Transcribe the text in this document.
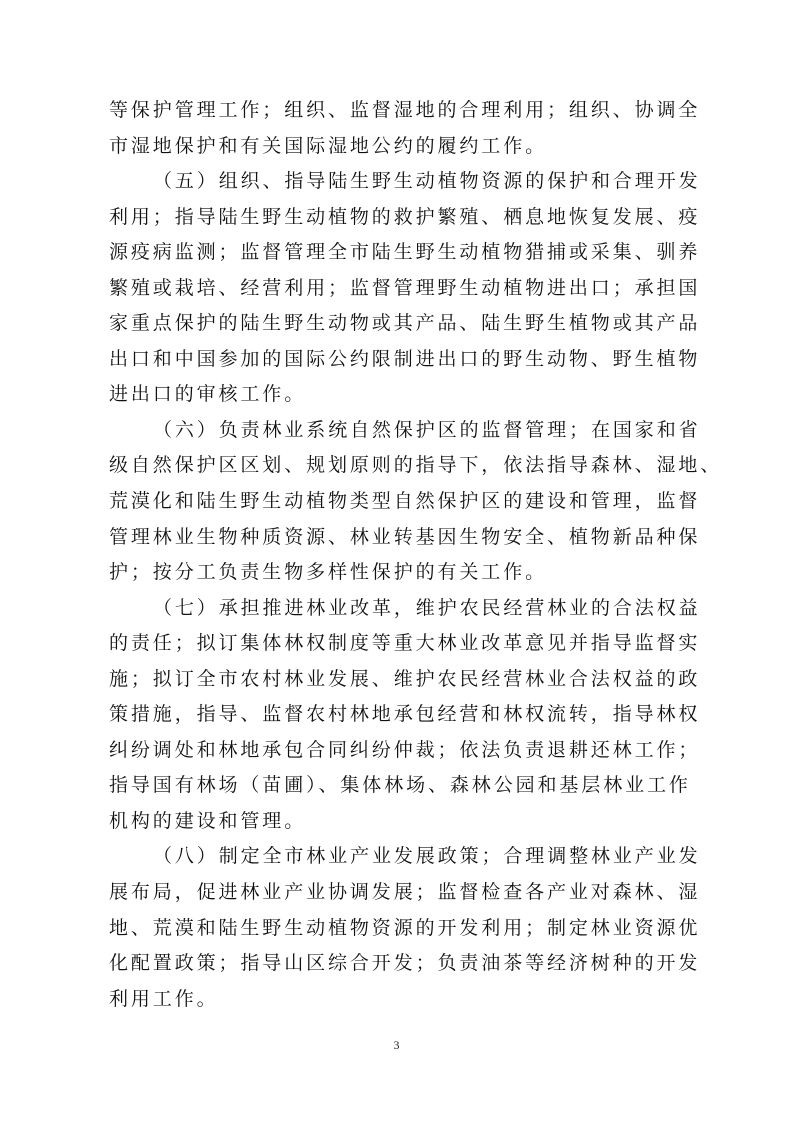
等保护管理工作；组织、监督湿地的合理利用；组织、协调全
市湿地保护和有关国际湿地公约的履约工作。
（五）组织、指导陆生野生动植物资源的保护和合理开发
利用；指导陆生野生动植物的救护繁殖、栖息地恢复发展、疫
源疫病监测；监督管理全市陆生野生动植物猎捕或采集、驯养
繁殖或栽培、经营利用；监督管理野生动植物进出口；承担国
家重点保护的陆生野生动物或其产品、陆生野生植物或其产品
出口和中国参加的国际公约限制进出口的野生动物、野生植物
进出口的审核工作。
（六）负责林业系统自然保护区的监督管理；在国家和省
级自然保护区区划、规划原则的指导下，依法指导森林、湿地、
荒漠化和陆生野生动植物类型自然保护区的建设和管理，监督
管理林业生物种质资源、林业转基因生物安全、植物新品种保
护；按分工负责生物多样性保护的有关工作。
（七）承担推进林业改革，维护农民经营林业的合法权益
的责任；拟订集体林权制度等重大林业改革意见并指导监督实
施；拟订全市农村林业发展、维护农民经营林业合法权益的政
策措施，指导、监督农村林地承包经营和林权流转，指导林权
纠纷调处和林地承包合同纠纷仲裁；依法负责退耕还林工作；
指导国有林场（苗圃）、集体林场、森林公园和基层林业工作
机构的建设和管理。
（八）制定全市林业产业发展政策；合理调整林业产业发
展布局，促进林业产业协调发展；监督检查各产业对森林、湿
地、荒漠和陆生野生动植物资源的开发利用；制定林业资源优
化配置政策；指导山区综合开发；负责油茶等经济树种的开发
利用工作。
3
